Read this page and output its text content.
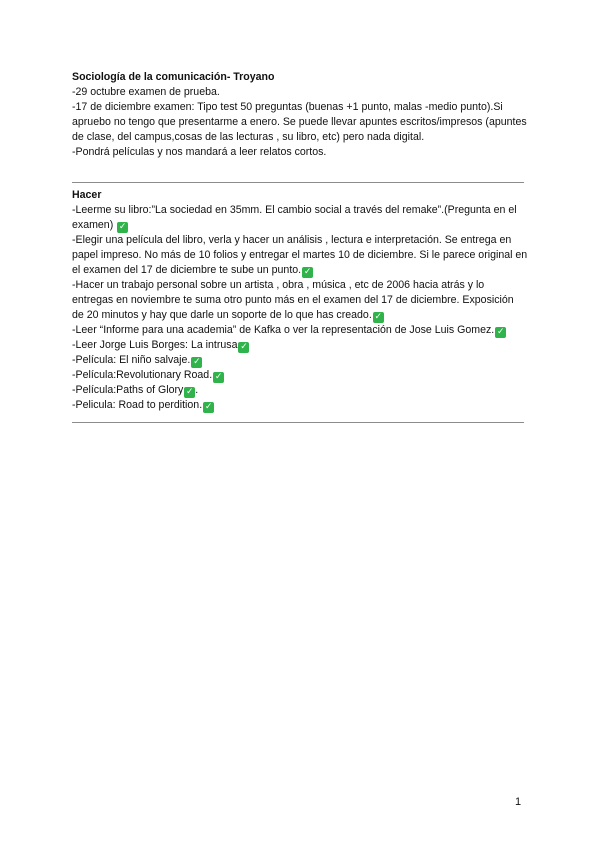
Sociología de la comunicación- Troyano

-29 octubre examen de prueba.

-17 de diciembre examen: Tipo test 50 preguntas (buenas +1 punto, malas -medio punto).Si apruebo no tengo que presentarme a enero. Se puede llevar apuntes escritos/impresos (apuntes de clase, del campus,cosas de las lecturas , su libro, etc) pero nada digital.

-Pondrá películas y nos mandará a leer relatos cortos.

Hacer

-Leerme su libro:”La sociedad en 35mm. El cambio social a través del remake”.(Pregunta en el examen) ✓

-Elegir una película del libro, verla y hacer un análisis , lectura e interpretación. Se entrega en papel impreso. No más de 10 folios y entregar el martes 10 de diciembre. Si le parece original en el examen del 17 de diciembre te sube un punto. ✓

-Hacer un trabajo personal sobre un artista , obra , música , etc de 2006 hacia atrás y lo entregas en noviembre te suma otro punto más en el examen del 17 de diciembre. Exposición de 20 minutos y hay que darle un soporte de lo que has creado. ✓

-Leer “Informe para una academia” de Kafka o ver la representación de Jose Luis Gomez. ✓

-Leer Jorge Luis Borges: La intrusa ✓

-Película: El niño salvaje. ✓

-Película:Revolutionary Road. ✓

-Película:Paths of Glory ✓ .

-Pelicula: Road to perdition. ✓

1
